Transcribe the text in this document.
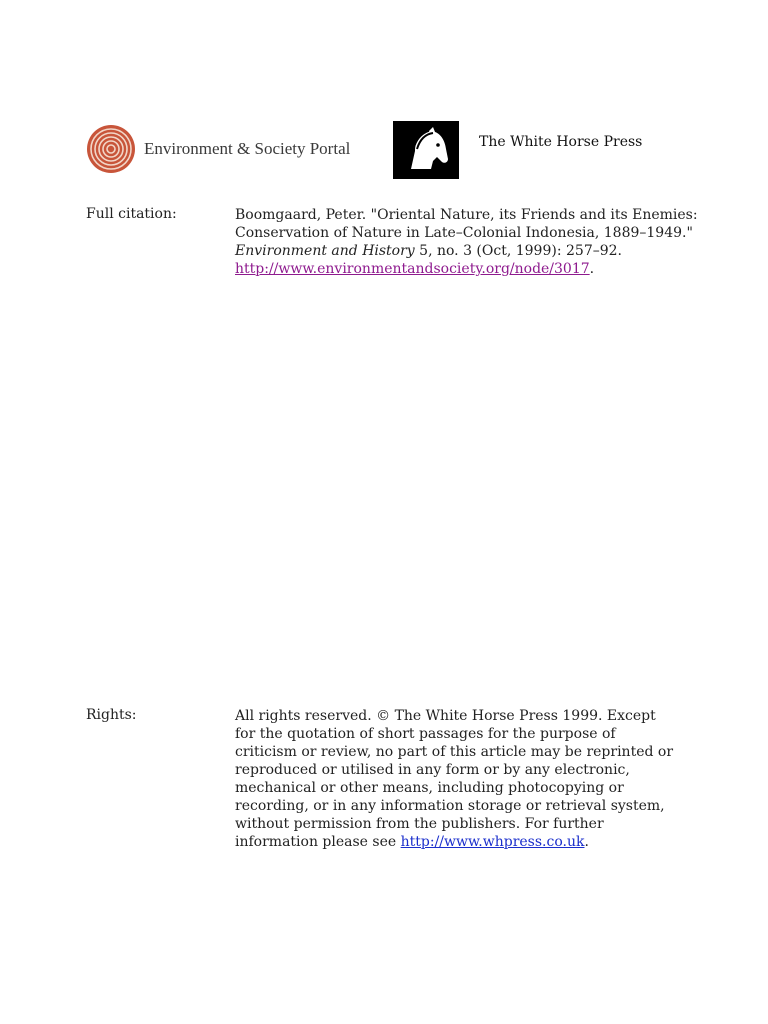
Environment & Society Portal	The White Horse Press
Full citation:	Boomgaard, Peter. "Oriental Nature, its Friends and its Enemies:
Conservation of Nature in Late–Colonial Indonesia, 1889–1949."
Environment and History 5, no. 3 (Oct, 1999): 257–92.
http://www.environmentandsociety.org/node/3017.
Rights:	All rights reserved. © The White Horse Press 1999. Except
for the quotation of short passages for the purpose of
criticism or review, no part of this article may be reprinted or
reproduced or utilised in any form or by any electronic,
mechanical or other means, including photocopying or
recording, or in any information storage or retrieval system,
without permission from the publishers. For further
information please see http://www.whpress.co.uk.
